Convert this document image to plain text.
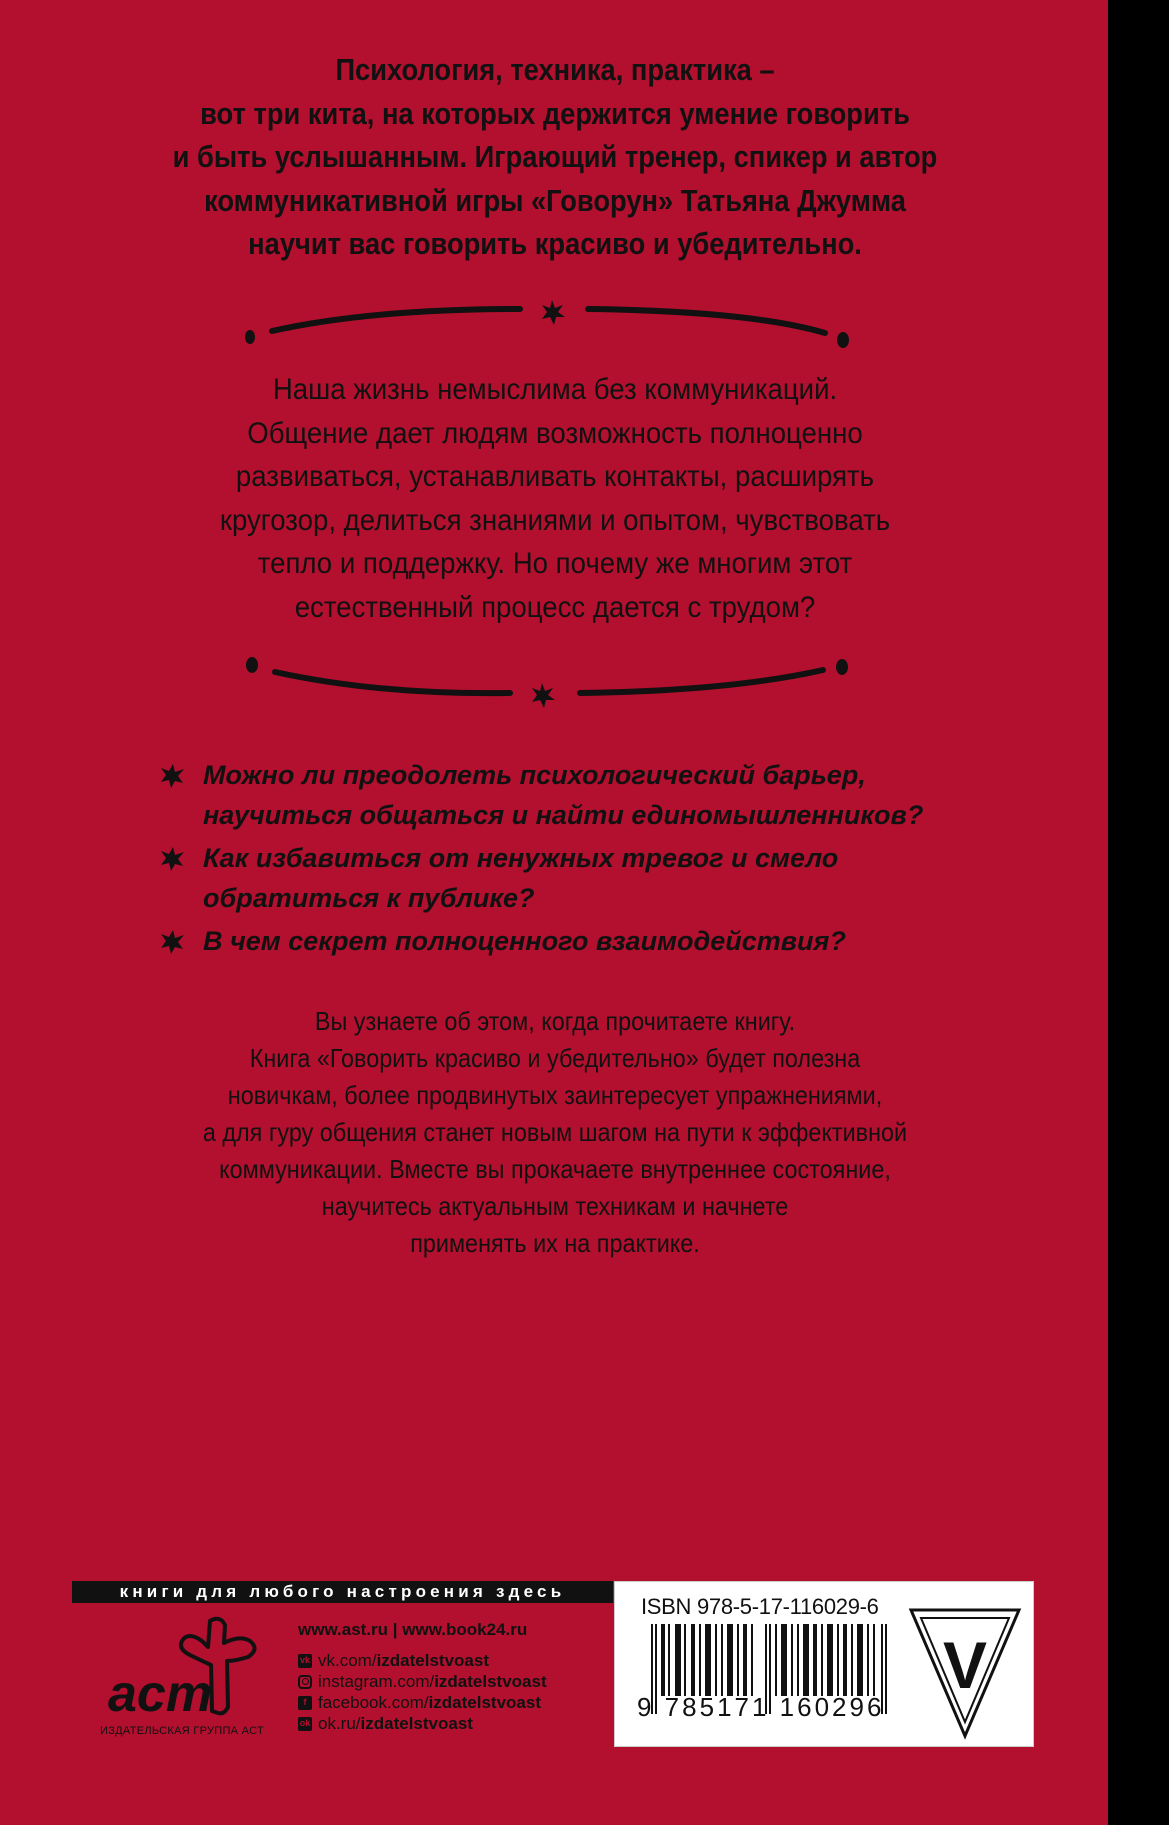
Психология, техника, практика –
вот три кита, на которых держится умение говорить
и быть услышанным. Играющий тренер, спикер и автор
коммуникативной игры «Говорун» Татьяна Джумма
научит вас говорить красиво и убедительно.
Наша жизнь немыслима без коммуникаций.
Общение дает людям возможность полноценно
развиваться, устанавливать контакты, расширять
кругозор, делиться знаниями и опытом, чувствовать
тепло и поддержку. Но почему же многим этот
естественный процесс дается с трудом?
Можно ли преодолеть психологический барьер,
научиться общаться и найти единомышленников?
Как избавиться от ненужных тревог и смело
обратиться к публике?
В чем секрет полноценного взаимодействия?
Вы узнаете об этом, когда прочитаете книгу.
Книга «Говорить красиво и убедительно» будет полезна
новичкам, более продвинутых заинтересует упражнениями,
а для гуру общения станет новым шагом на пути к эффективной
коммуникации. Вместе вы прокачаете внутреннее состояние,
научитесь актуальным техникам и начнете
применять их на практике.
книги для любого настроения здесь
аст
ИЗДАТЕЛЬСКАЯ ГРУППА АСТ
www.ast.ru | www.book24.ru
vk vk.com/ izdatelstvoast
instagram.com/ izdatelstvoast
f facebook.com/ izdatelstvoast
ok ok.ru/ izdatelstvoast
ISBN 978-5-17-116029-6
9 785171 160296
V
